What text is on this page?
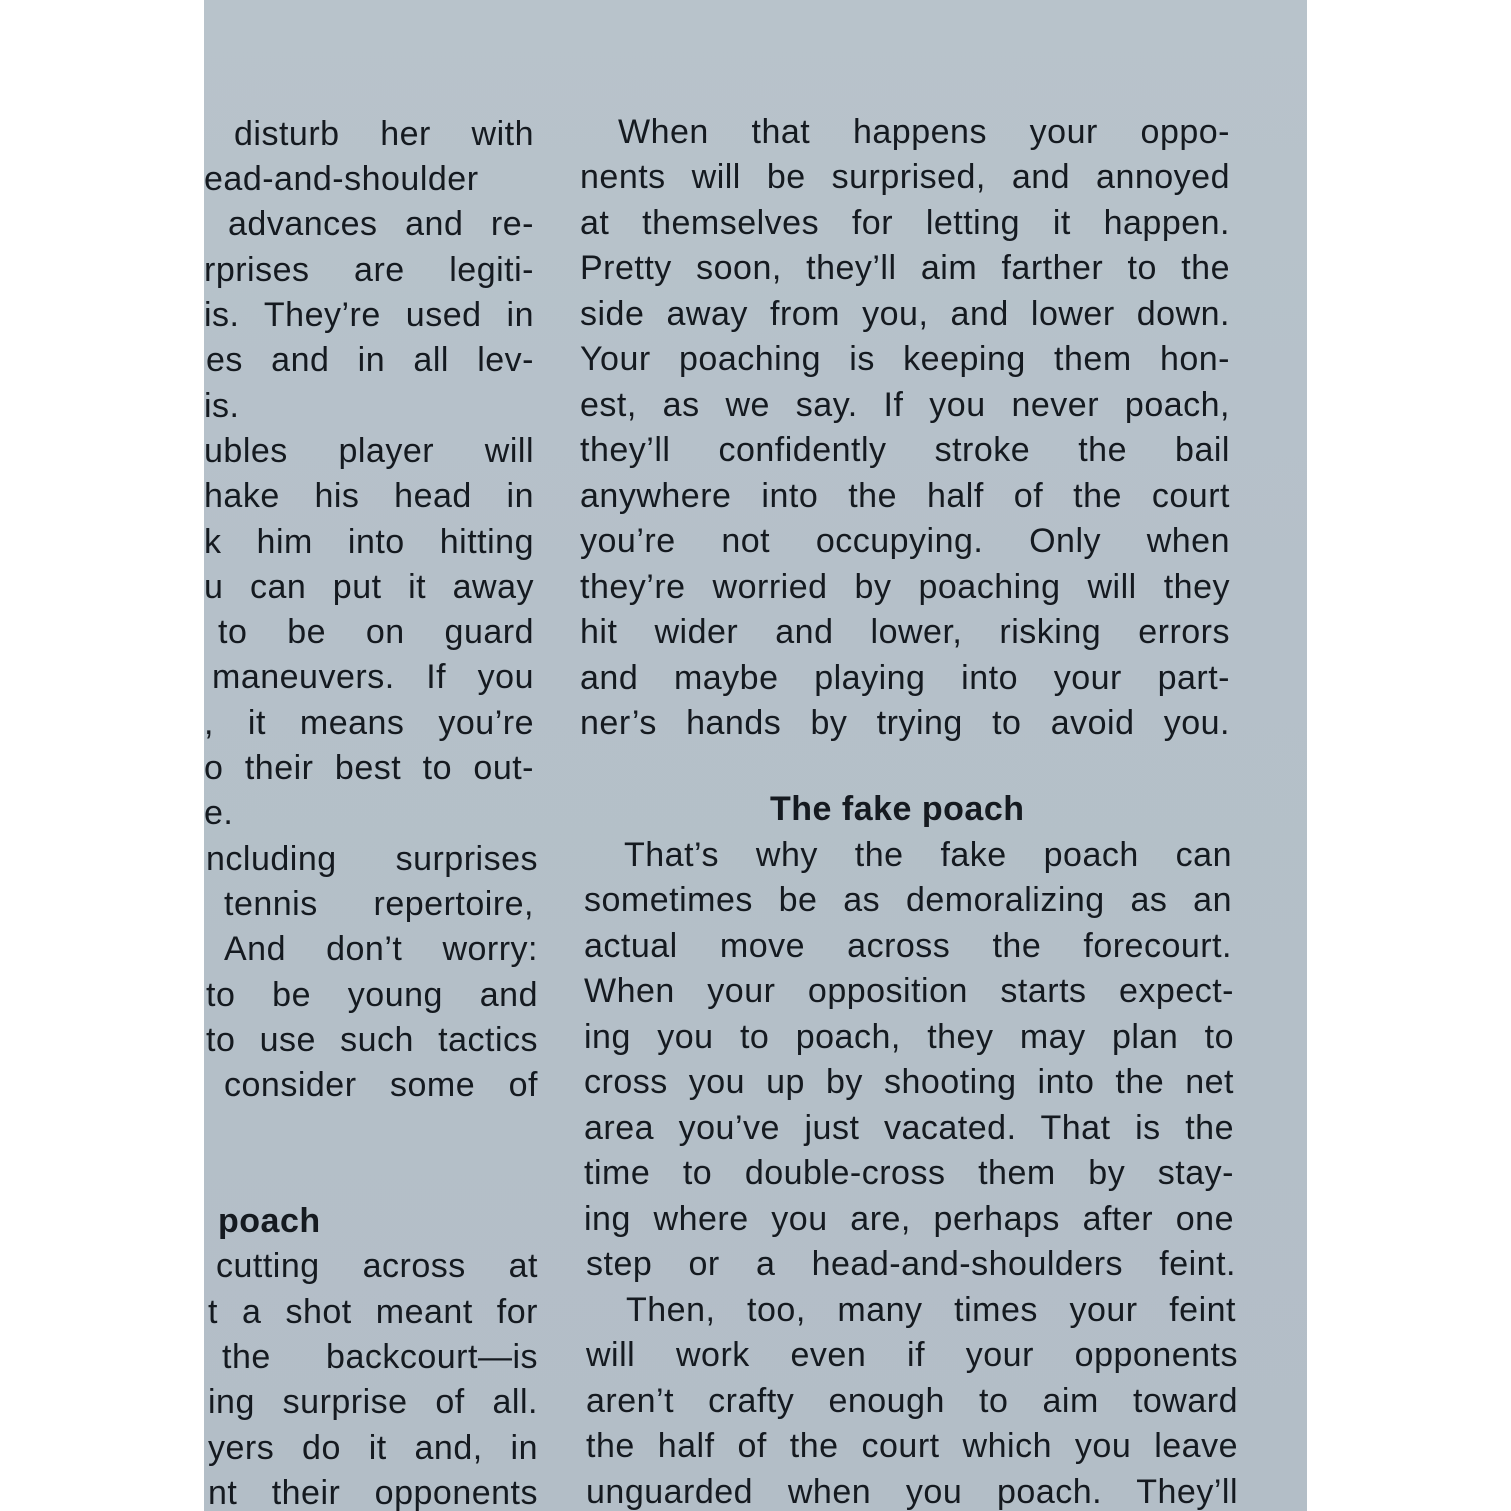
disturb her with
ead-and-shoulder
advances and re-
rprises are legiti-
is. They’re used in
es and in all lev-
is.
ubles player will
hake his head in
k him into hitting
u can put it away
to be on guard
maneuvers. If you
, it means you’re
o their best to out-
e.
ncluding surprises
tennis repertoire,
And don’t worry:
to be young and
to use such tactics
consider some of
poach
cutting across at
t a shot meant for
the backcourt—is
ing surprise of all.
yers do it and, in
nt their opponents
When that happens your oppo-
nents will be surprised, and annoyed
at themselves for letting it happen.
Pretty soon, they’ll aim farther to the
side away from you, and lower down.
Your poaching is keeping them hon-
est, as we say. If you never poach,
they’ll confidently stroke the bail
anywhere into the half of the court
you’re not occupying. Only when
they’re worried by poaching will they
hit wider and lower, risking errors
and maybe playing into your part-
ner’s hands by trying to avoid you.
The fake poach
That’s why the fake poach can
sometimes be as demoralizing as an
actual move across the forecourt.
When your opposition starts expect-
ing you to poach, they may plan to
cross you up by shooting into the net
area you’ve just vacated. That is the
time to double-cross them by stay-
ing where you are, perhaps after one
step or a head-and-shoulders feint.
Then, too, many times your feint
will work even if your opponents
aren’t crafty enough to aim toward
the half of the court which you leave
unguarded when you poach. They’ll
